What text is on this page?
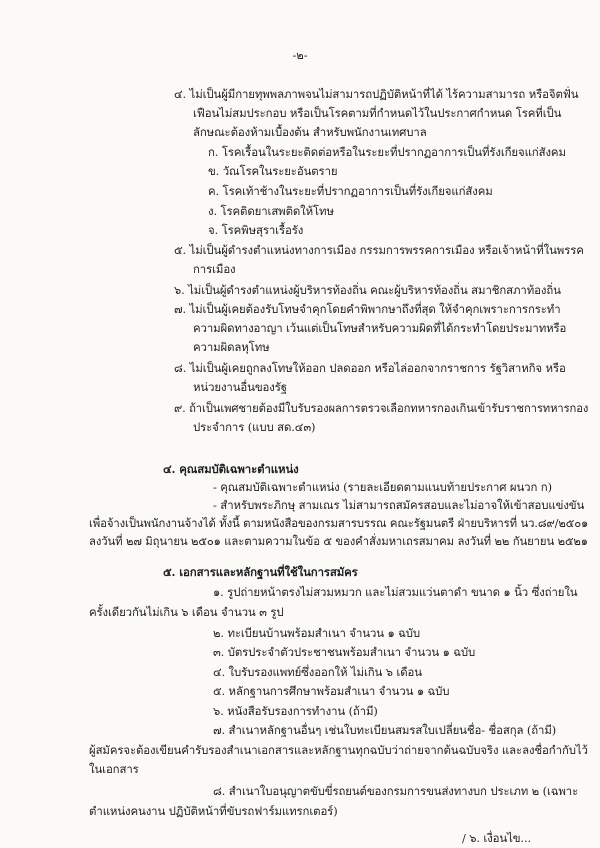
-๒-
๔. ไม่เป็นผู้มีกายทุพพลภาพจนไม่สามารถปฏิบัติหน้าที่ได้ ไร้ความสามารถ หรือจิตฟั่น
เฟือนไม่สมประกอบ หรือเป็นโรคตามที่กำหนดไว้ในประกาศกำหนด โรคที่เป็น
ลักษณะต้องห้ามเบื้องต้น สำหรับพนักงานเทศบาล
ก. โรคเรื้อนในระยะติดต่อหรือในระยะที่ปรากฏอาการเป็นที่รังเกียจแก่สังคม
ข. วัณโรคในระยะอันตราย
ค. โรคเท้าช้างในระยะที่ปรากฏอาการเป็นที่รังเกียจแก่สังคม
ง. โรคติดยาเสพติดให้โทษ
จ. โรคพิษสุราเรื้อรัง
๕. ไม่เป็นผู้ดำรงตำแหน่งทางการเมือง กรรมการพรรคการเมือง หรือเจ้าหน้าที่ในพรรค
การเมือง
๖. ไม่เป็นผู้ดำรงตำแหน่งผู้บริหารท้องถิ่น คณะผู้บริหารท้องถิ่น สมาชิกสภาท้องถิ่น
๗. ไม่เป็นผู้เคยต้องรับโทษจำคุกโดยคำพิพากษาถึงที่สุด ให้จำคุกเพราะการกระทำ
ความผิดทางอาญา เว้นแต่เป็นโทษสำหรับความผิดที่ได้กระทำโดยประมาทหรือ
ความผิดลหุโทษ
๘. ไม่เป็นผู้เคยถูกลงโทษให้ออก ปลดออก หรือไล่ออกจากราชการ รัฐวิสาหกิจ หรือ
หน่วยงานอื่นของรัฐ
๙. ถ้าเป็นเพศชายต้องมีใบรับรองผลการตรวจเลือกทหารกองเกินเข้ารับราชการทหารกอง
ประจำการ (แบบ สด.๔๓)
๔. คุณสมบัติเฉพาะตำแหน่ง
- คุณสมบัติเฉพาะตำแหน่ง (รายละเอียดตามแนบท้ายประกาศ ผนวก ก)
- สำหรับพระภิกษุ สามเณร ไม่สามารถสมัครสอบและไม่อาจให้เข้าสอบแข่งขัน
เพื่อจ้างเป็นพนักงานจ้างได้ ทั้งนี้ ตามหนังสือของกรมสารบรรณ คณะรัฐมนตรี ฝ่ายบริหารที่ นว.๘๙/๒๕๐๑
ลงวันที่ ๒๗ มิถุนายน ๒๕๐๑ และตามความในข้อ ๕ ของคำสั่งมหาเถรสมาคม ลงวันที่ ๒๒ กันยายน ๒๕๒๑
๕. เอกสารและหลักฐานที่ใช้ในการสมัคร
๑. รูปถ่ายหน้าตรงไม่สวมหมวก และไม่สวมแว่นตาดำ ขนาด ๑ นิ้ว ซึ่งถ่ายใน
ครั้งเดียวกันไม่เกิน ๖ เดือน จำนวน ๓ รูป
๒. ทะเบียนบ้านพร้อมสำเนา จำนวน ๑ ฉบับ
๓. บัตรประจำตัวประชาชนพร้อมสำเนา จำนวน ๑ ฉบับ
๔. ใบรับรองแพทย์ซึ่งออกให้ ไม่เกิน ๖ เดือน
๕. หลักฐานการศึกษาพร้อมสำเนา จำนวน ๑ ฉบับ
๖. หนังสือรับรองการทำงาน (ถ้ามี)
๗. สำเนาหลักฐานอื่นๆ เช่นใบทะเบียนสมรสใบเปลี่ยนชื่อ- ชื่อสกุล (ถ้ามี)
ผู้สมัครจะต้องเขียนคำรับรองสำเนาเอกสารและหลักฐานทุกฉบับว่าถ่ายจากต้นฉบับจริง และลงชื่อกำกับไว้
ในเอกสาร
๘. สำเนาใบอนุญาตขับขี่รถยนต์ของกรมการขนส่งทางบก ประเภท ๒ (เฉพาะ
ตำแหน่งคนงาน ปฏิบัติหน้าที่ขับรถฟาร์มแทรกเตอร์)
/ ๖. เงื่อนไข...
